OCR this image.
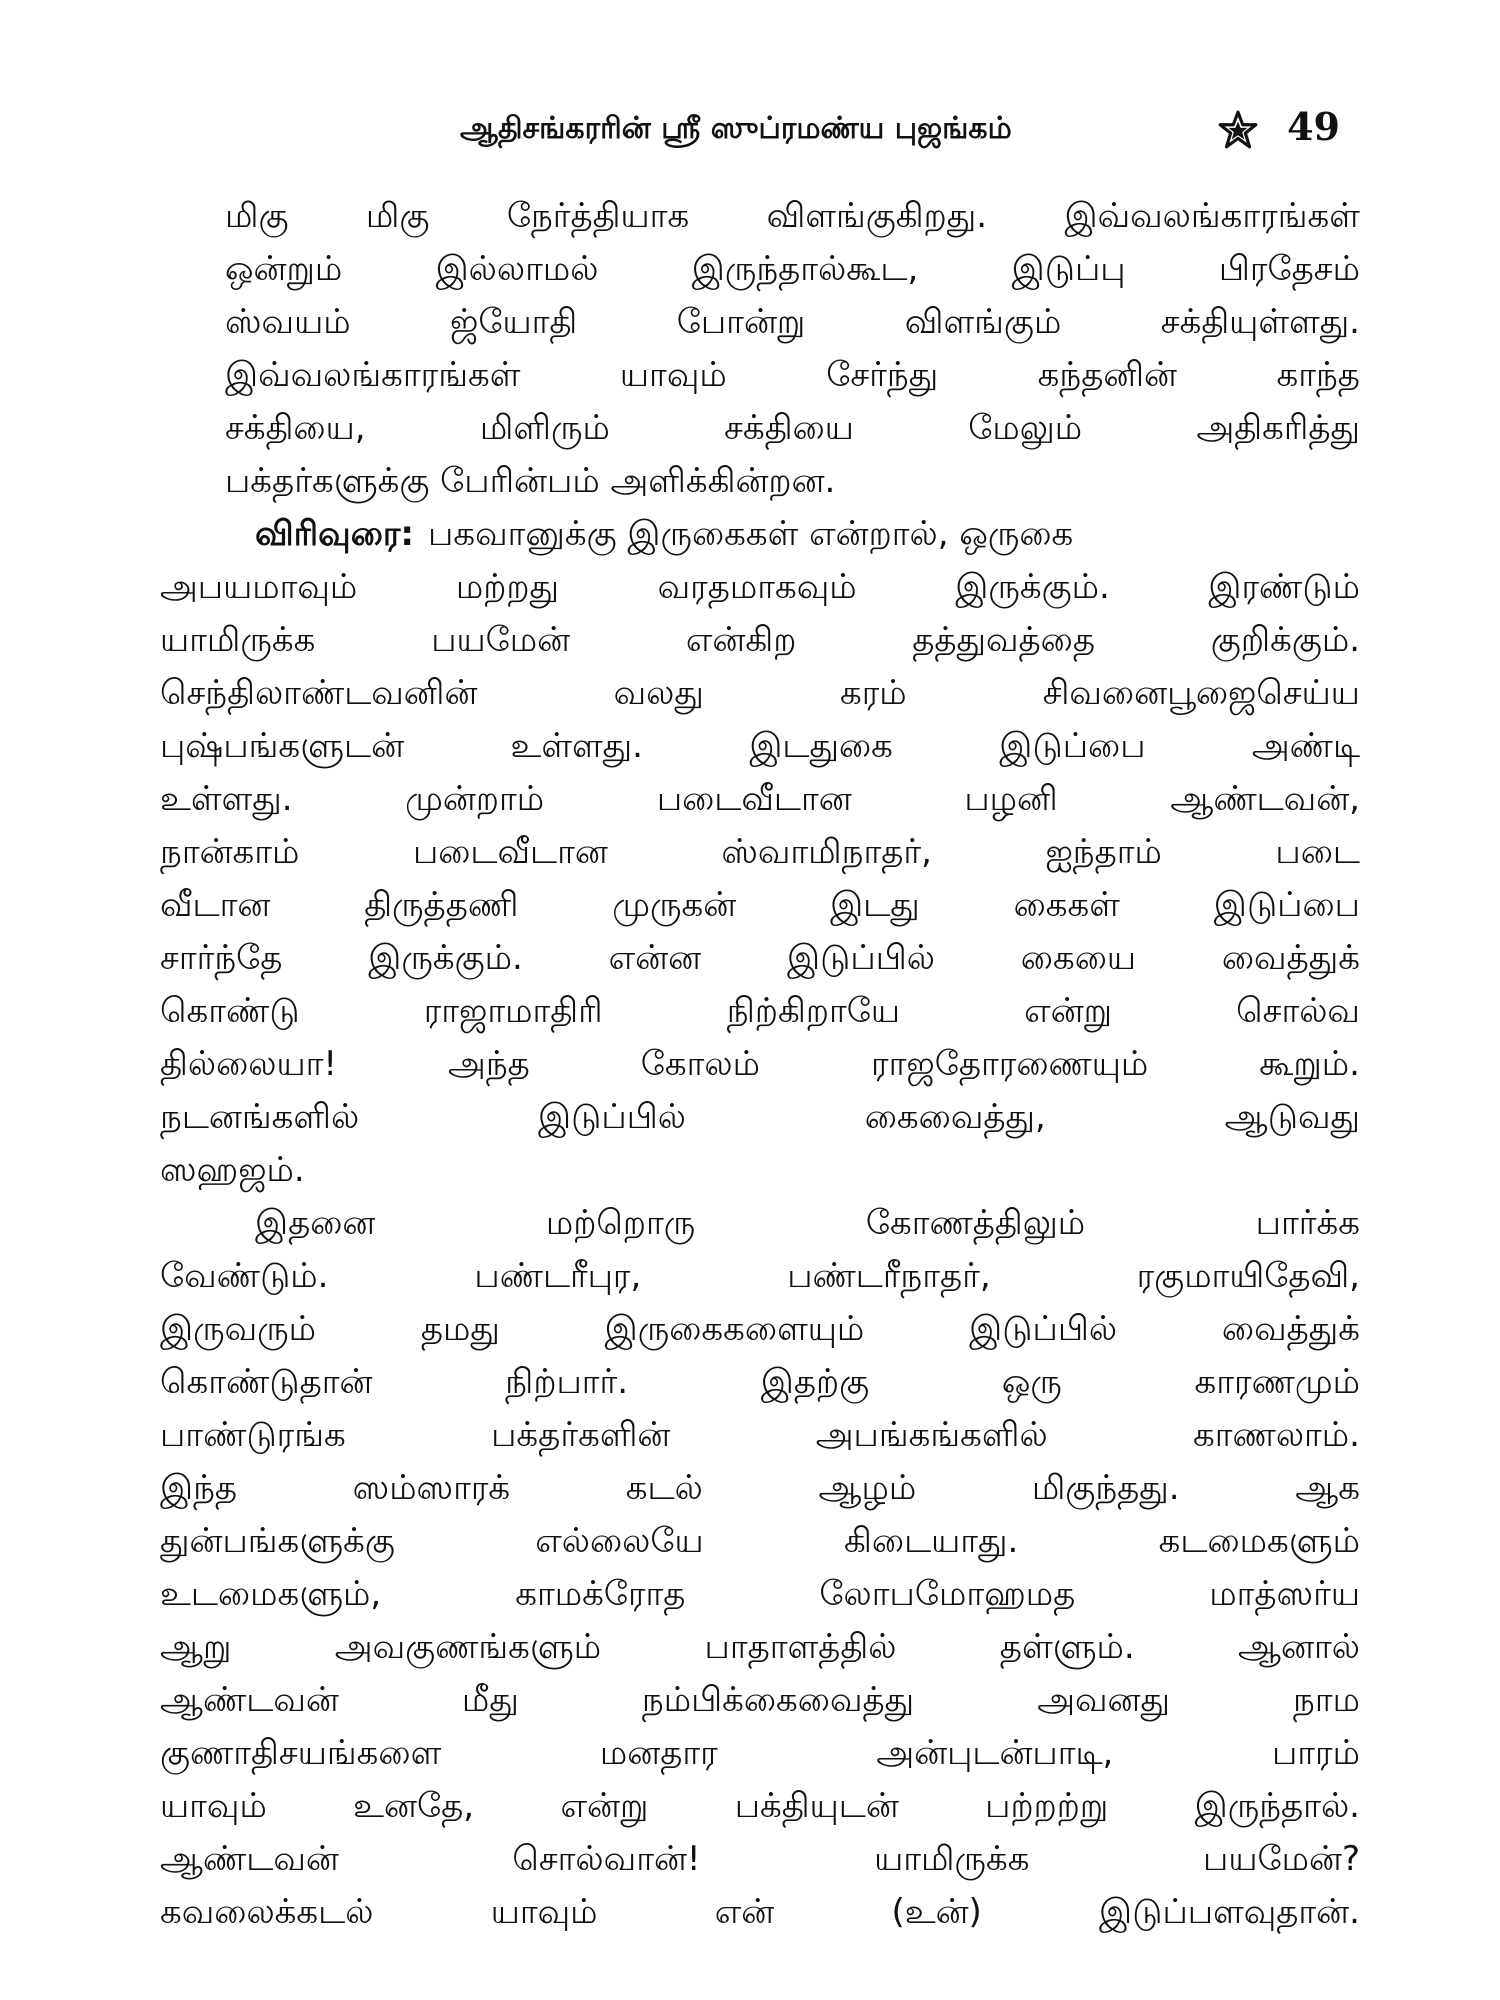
ஆதிசங்கரரின் ஸ்ரீ ஸுப்ரமண்ய புஜங்கம்	49
மிகு மிகு நேர்த்தியாக விளங்குகிறது. இவ்வலங்காரங்கள்
ஒன்றும்	இல்லாமல்	இருந்தால்கூட,	இடுப்பு	பிரதேசம்
ஸ்வயம்	ஜ்யோதி	போன்று	விளங்கும்	சக்தியுள்ளது.
இவ்வலங்காரங்கள்	யாவும்	சேர்ந்து	கந்தனின்	காந்த
சக்தியை,	மிளிரும்	சக்தியை	மேலும்	அதிகரித்து
பக்தர்களுக்கு பேரின்பம் அளிக்கின்றன.
விரிவுரை: பகவானுக்கு இருகைகள் என்றால், ஒருகை
அபயமாவும்	மற்றது	வரதமாகவும்	இருக்கும்.	இரண்டும்
யாமிருக்க	பயமேன்	என்கிற	தத்துவத்தை	குறிக்கும்.
செந்திலாண்டவனின்	வலது	கரம்	சிவனைபூஜைசெய்ய
புஷ்பங்களுடன்	உள்ளது.	இடதுகை	இடுப்பை	அண்டி
உள்ளது.	முன்றாம்	படைவீடான	பழனி	ஆண்டவன்,
நான்காம்	படைவீடான	ஸ்வாமிநாதர்,	ஐந்தாம்	படை
வீடான	திருத்தணி	முருகன்	இடது	கைகள்	இடுப்பை
சார்ந்தே	இருக்கும்.	என்ன	இடுப்பில்	கையை	வைத்துக்
கொண்டு	ராஜாமாதிரி	நிற்கிறாயே	என்று	சொல்வ
தில்லையா!	அந்த	கோலம்	ராஜதோரணையும்	கூறும்.
நடனங்களில்	இடுப்பில்	கைவைத்து,	ஆடுவது
ஸஹஜம்.
இதனை	மற்றொரு	கோணத்திலும்	பார்க்க
வேண்டும்.	பண்டரீபுர,	பண்டரீநாதர்,	ரகுமாயிதேவி,
இருவரும்	தமது	இருகைகளையும்	இடுப்பில்	வைத்துக்
கொண்டுதான்	நிற்பார்.	இதற்கு	ஒரு	காரணமும்
பாண்டுரங்க	பக்தர்களின்	அபங்கங்களில்	காணலாம்.
இந்த	ஸம்ஸாரக்	கடல்	ஆழம்	மிகுந்தது.	ஆக
துன்பங்களுக்கு	எல்லையே	கிடையாது.	கடமைகளும்
உடமைகளும்,	காமக்ரோத	லோபமோஹமத	மாத்ஸர்ய
ஆறு	அவகுணங்களும்	பாதாளத்தில்	தள்ளும்.	ஆனால்
ஆண்டவன்	மீது	நம்பிக்கைவைத்து	அவனது	நாம
குணாதிசயங்களை	மனதார	அன்புடன்பாடி,	பாரம்
யாவும்	உனதே,	என்று	பக்தியுடன்	பற்றற்று	இருந்தால்.
ஆண்டவன்	சொல்வான்!	யாமிருக்க	பயமேன்?
கவலைக்கடல்	யாவும்	என்	(உன்)	இடுப்பளவுதான்.
